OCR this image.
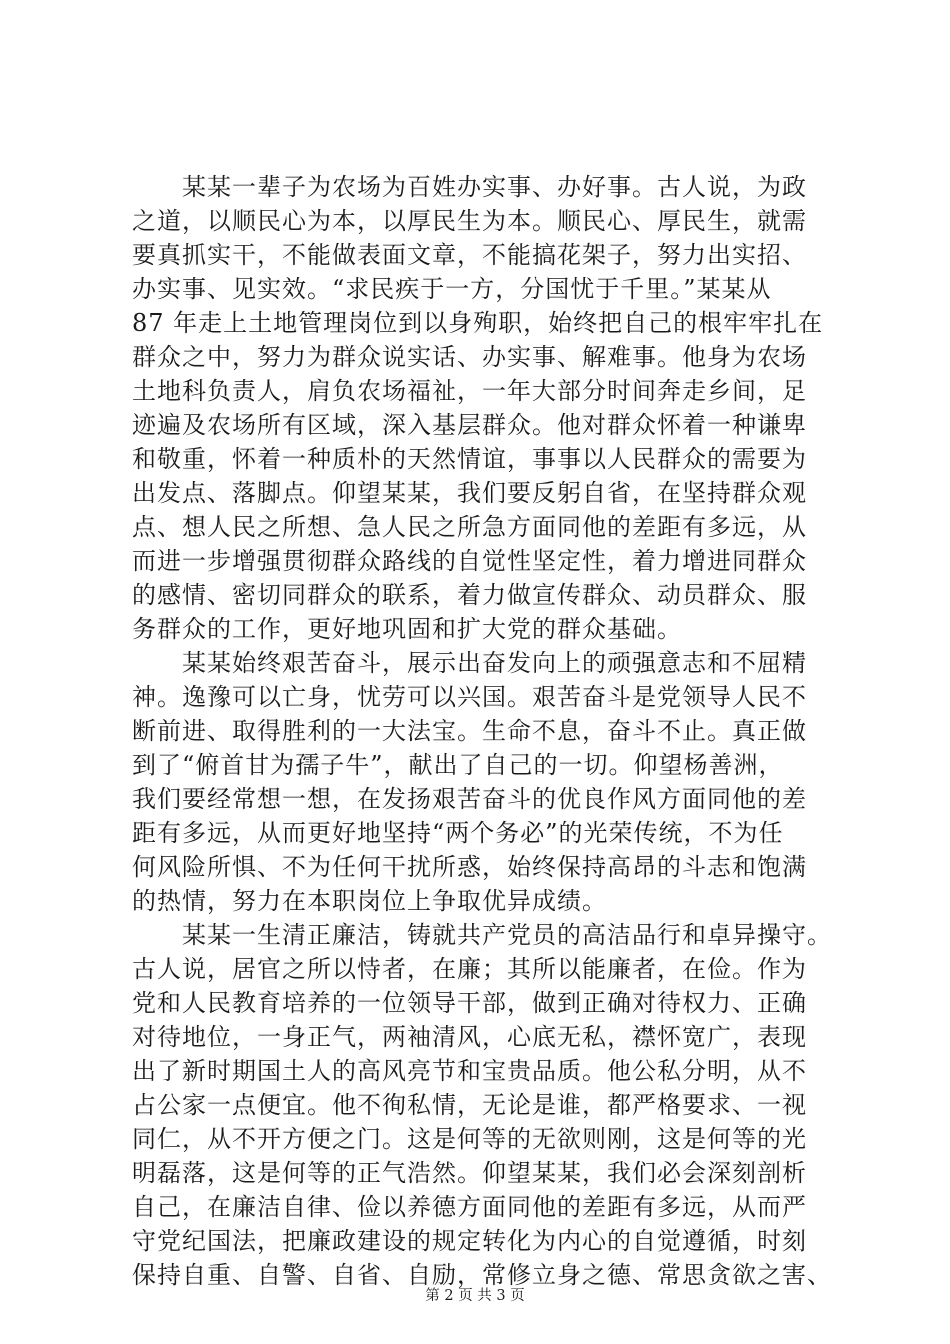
　　某某一辈子为农场为百姓办实事、办好事。古人说，为政
之道，以顺民心为本，以厚民生为本。顺民心、厚民生，就需
要真抓实干，不能做表面文章，不能搞花架子，努力出实招、
办实事、见实效。“求民疾于一方，分国忧于千里。”某某从
87 年走上土地管理岗位到以身殉职，始终把自己的根牢牢扎在
群众之中，努力为群众说实话、办实事、解难事。他身为农场
土地科负责人，肩负农场福祉，一年大部分时间奔走乡间，足
迹遍及农场所有区域，深入基层群众。他对群众怀着一种谦卑
和敬重，怀着一种质朴的天然情谊，事事以人民群众的需要为
出发点、落脚点。仰望某某，我们要反躬自省，在坚持群众观
点、想人民之所想、急人民之所急方面同他的差距有多远，从
而进一步增强贯彻群众路线的自觉性坚定性，着力增进同群众
的感情、密切同群众的联系，着力做宣传群众、动员群众、服
务群众的工作，更好地巩固和扩大党的群众基础。
　　某某始终艰苦奋斗，展示出奋发向上的顽强意志和不屈精
神。逸豫可以亡身，忧劳可以兴国。艰苦奋斗是党领导人民不
断前进、取得胜利的一大法宝。生命不息，奋斗不止。真正做
到了“俯首甘为孺子牛”，献出了自己的一切。仰望杨善洲，
我们要经常想一想，在发扬艰苦奋斗的优良作风方面同他的差
距有多远，从而更好地坚持“两个务必”的光荣传统，不为任
何风险所惧、不为任何干扰所惑，始终保持高昂的斗志和饱满
的热情，努力在本职岗位上争取优异成绩。
　　某某一生清正廉洁，铸就共产党员的高洁品行和卓异操守。
古人说，居官之所以恃者，在廉；其所以能廉者，在俭。作为
党和人民教育培养的一位领导干部，做到正确对待权力、正确
对待地位，一身正气，两袖清风，心底无私，襟怀宽广，表现
出了新时期国土人的高风亮节和宝贵品质。他公私分明，从不
占公家一点便宜。他不徇私情，无论是谁，都严格要求、一视
同仁，从不开方便之门。这是何等的无欲则刚，这是何等的光
明磊落，这是何等的正气浩然。仰望某某，我们必会深刻剖析
自己，在廉洁自律、俭以养德方面同他的差距有多远，从而严
守党纪国法，把廉政建设的规定转化为内心的自觉遵循，时刻
保持自重、自警、自省、自励，常修立身之德、常思贪欲之害、
第 2 页 共 3 页
